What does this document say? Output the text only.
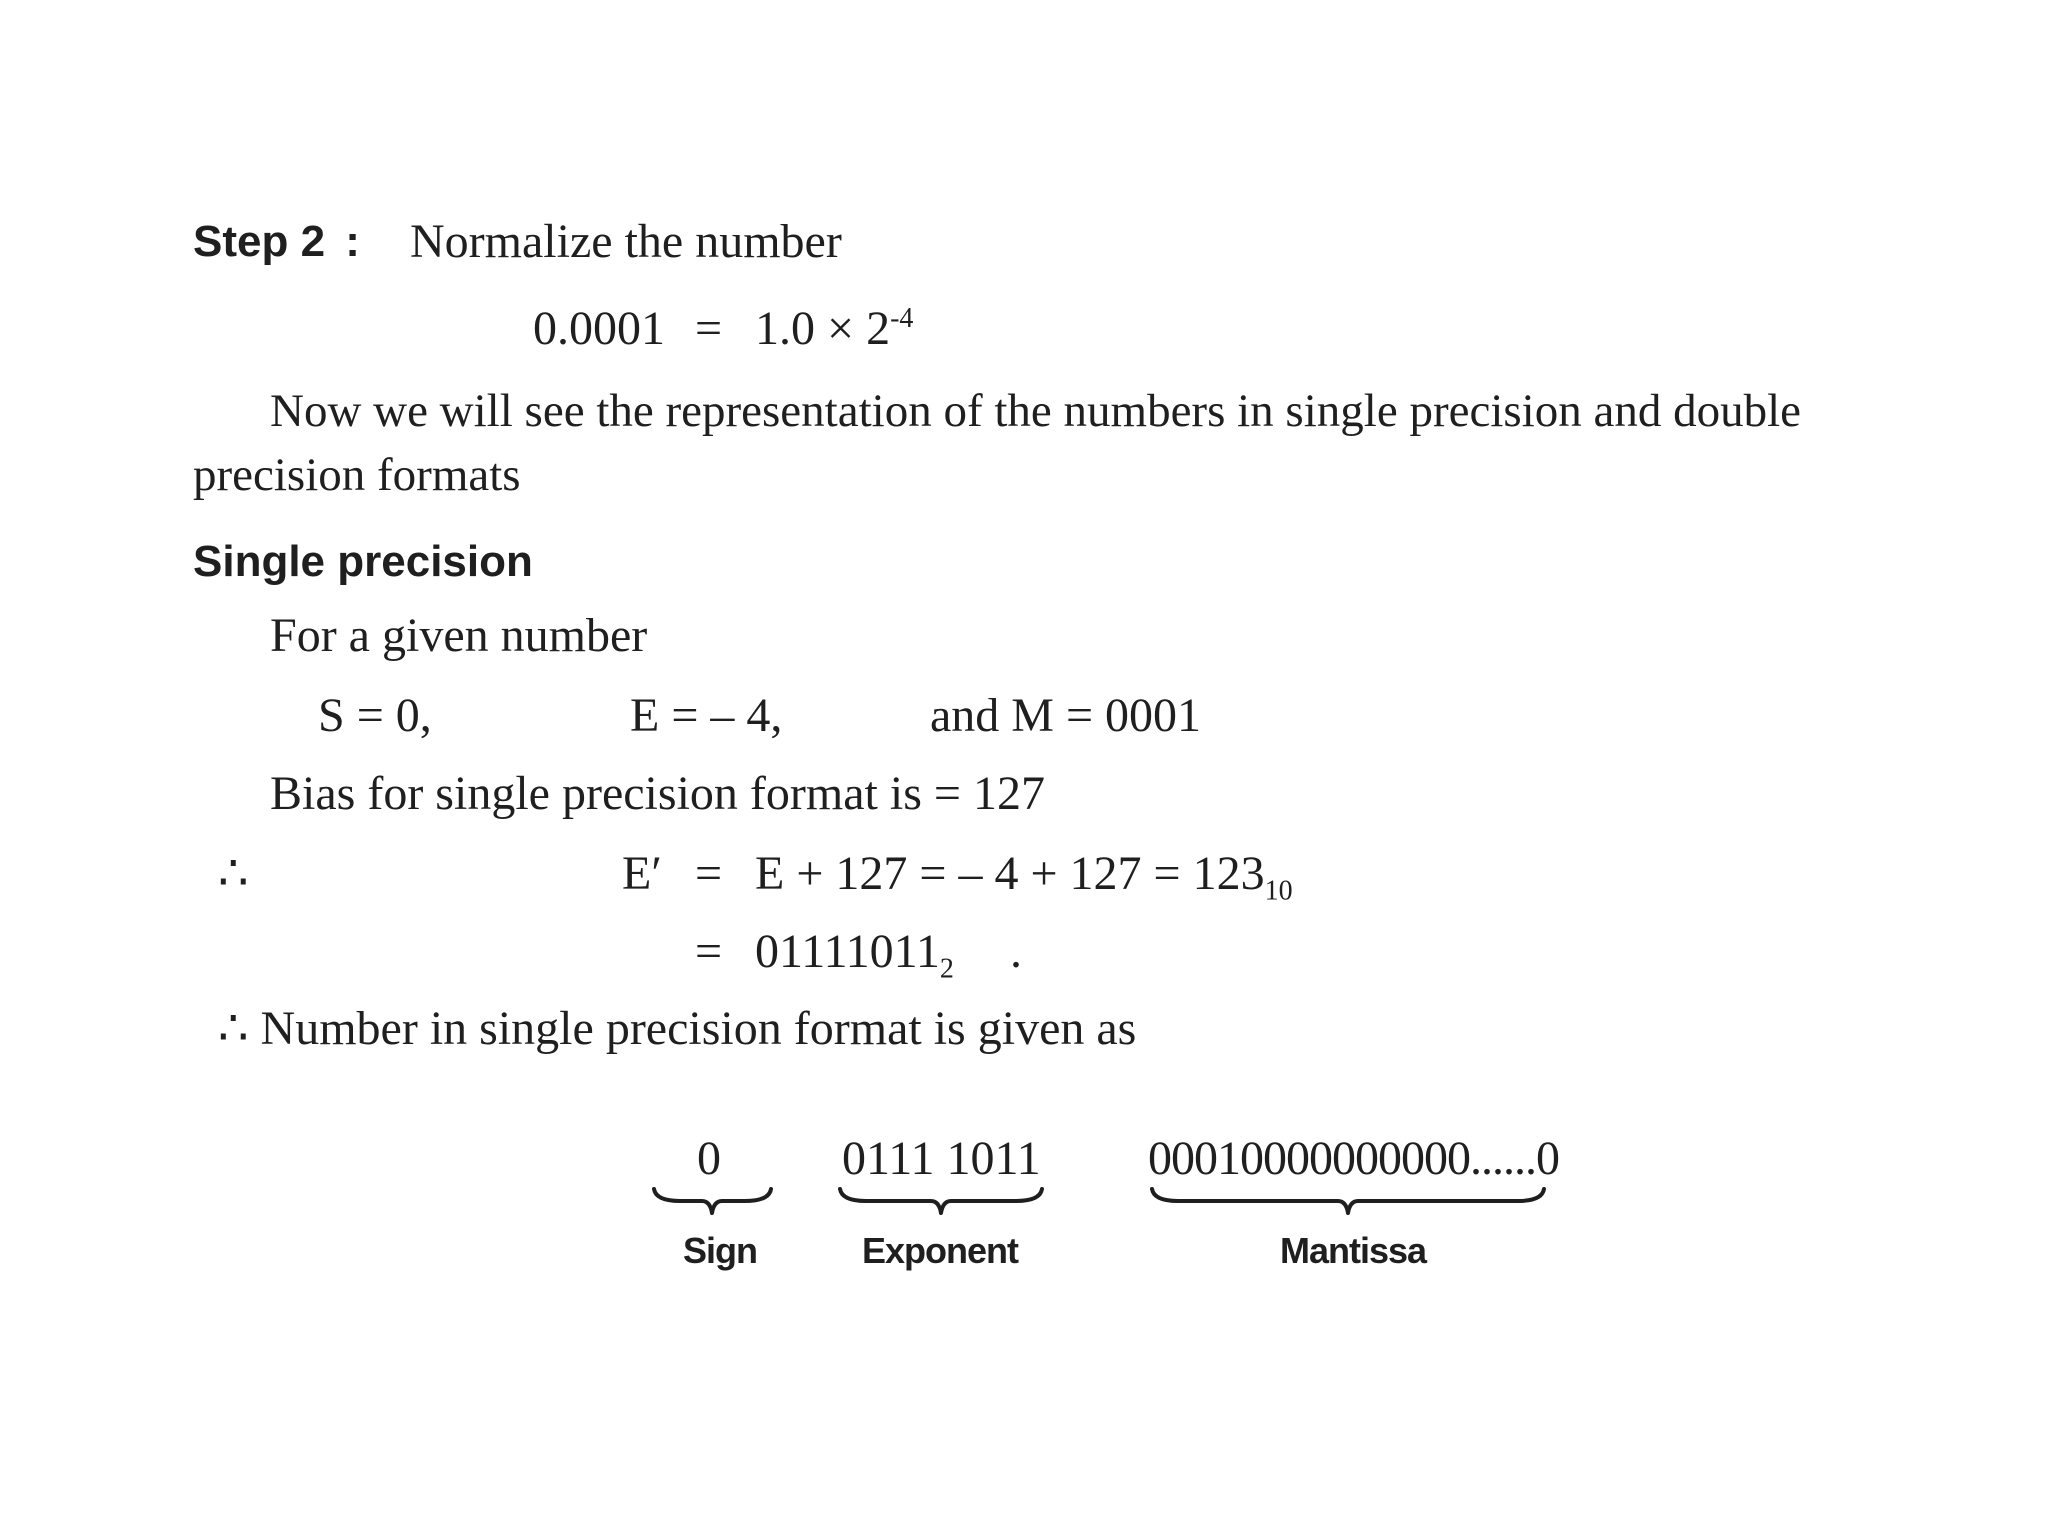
Step 2 : Normalize the number
$0.0001 = 1.0 \times 2^{-4}$
Now we will see the representation of the numbers in single precision and double
precision formats
Single precision
For a given number
S = 0,	E = – 4,	and M = 0001
Bias for single precision format is = 127
∴	E′ = E + 127 = – $4 + 127 = 123_{10}$
= $01111011_2$ .
∴ Number in single precision format is given as
0	0111 1011 00010000000000......0
Sign	Exponent	Mantissa
